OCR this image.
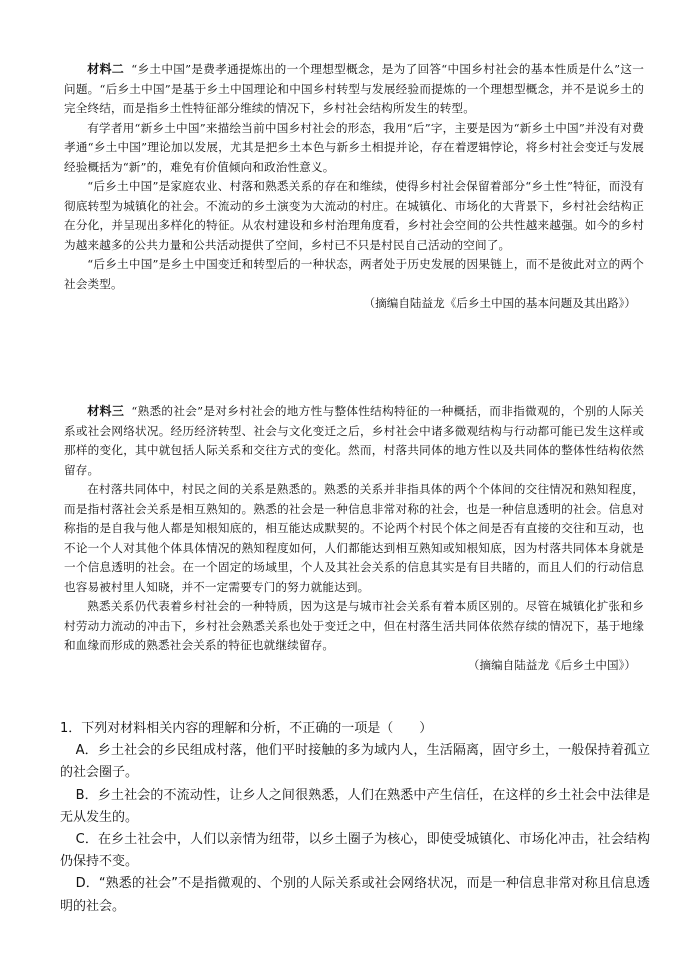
材料二 “乡土中国”是费孝通提炼出的一个理想型概念，是为了回答“中国乡村社会的基本性质是什么”这一问题。“后乡土中国”是基于乡土中国理论和中国乡村转型与发展经验而提炼的一个理想型概念，并不是说乡土的完全终结，而是指乡土性特征部分维续的情况下，乡村社会结构所发生的转型。

有学者用“新乡土中国”来描绘当前中国乡村社会的形态，我用“后”字，主要是因为“新乡土中国”并没有对费孝通“乡土中国”理论加以发展，尤其是把乡土本色与新乡土相提并论，存在着逻辑悖论，将乡村社会变迁与发展经验概括为“新”的，难免有价值倾向和政治性意义。

“后乡土中国”是家庭农业、村落和熟悉关系的存在和维续，使得乡村社会保留着部分“乡土性”特征，而没有彻底转型为城镇化的社会。不流动的乡土演变为大流动的村庄。在城镇化、市场化的大背景下，乡村社会结构正在分化，并呈现出多样化的特征。从农村建设和乡村治理角度看，乡村社会空间的公共性越来越强。如今的乡村为越来越多的公共力量和公共活动提供了空间，乡村已不只是村民自己活动的空间了。

“后乡土中国”是乡土中国变迁和转型后的一种状态，两者处于历史发展的因果链上，而不是彼此对立的两个社会类型。

（摘编自陆益龙《后乡土中国的基本问题及其出路》）

材料三 “熟悉的社会”是对乡村社会的地方性与整体性结构特征的一种概括，而非指微观的，个别的人际关系或社会网络状况。经历经济转型、社会与文化变迁之后，乡村社会中诸多微观结构与行动都可能已发生这样或那样的变化，其中就包括人际关系和交往方式的变化。然而，村落共同体的地方性以及共同体的整体性结构依然留存。

在村落共同体中，村民之间的关系是熟悉的。熟悉的关系并非指具体的两个个体间的交往情况和熟知程度，而是指村落社会关系是相互熟知的。熟悉的社会是一种信息非常对称的社会，也是一种信息透明的社会。信息对称指的是自我与他人都是知根知底的，相互能达成默契的。不论两个村民个体之间是否有直接的交往和互动，也不论一个人对其他个体具体情况的熟知程度如何，人们都能达到相互熟知或知根知底，因为村落共同体本身就是一个信息透明的社会。在一个固定的场域里，个人及其社会关系的信息其实是有目共睹的，而且人们的行动信息也容易被村里人知晓，并不一定需要专门的努力就能达到。

熟悉关系仍代表着乡村社会的一种特质，因为这是与城市社会关系有着本质区别的。尽管在城镇化扩张和乡村劳动力流动的冲击下，乡村社会熟悉关系也处于变迁之中，但在村落生活共同体依然存续的情况下，基于地缘和血缘而形成的熟悉社会关系的特征也就继续留存。

（摘编自陆益龙《后乡土中国》）

1．下列对材料相关内容的理解和分析，不正确的一项是（　　）

A．乡土社会的乡民组成村落，他们平时接触的多为域内人，生活隔离，固守乡土，一般保持着孤立的社会圈子。

B．乡土社会的不流动性，让乡人之间很熟悉，人们在熟悉中产生信任，在这样的乡土社会中法律是无从发生的。

C．在乡土社会中，人们以亲情为纽带，以乡土圈子为核心，即使受城镇化、市场化冲击，社会结构仍保持不变。

D．“熟悉的社会”不是指微观的、个别的人际关系或社会网络状况，而是一种信息非常对称且信息透明的社会。
